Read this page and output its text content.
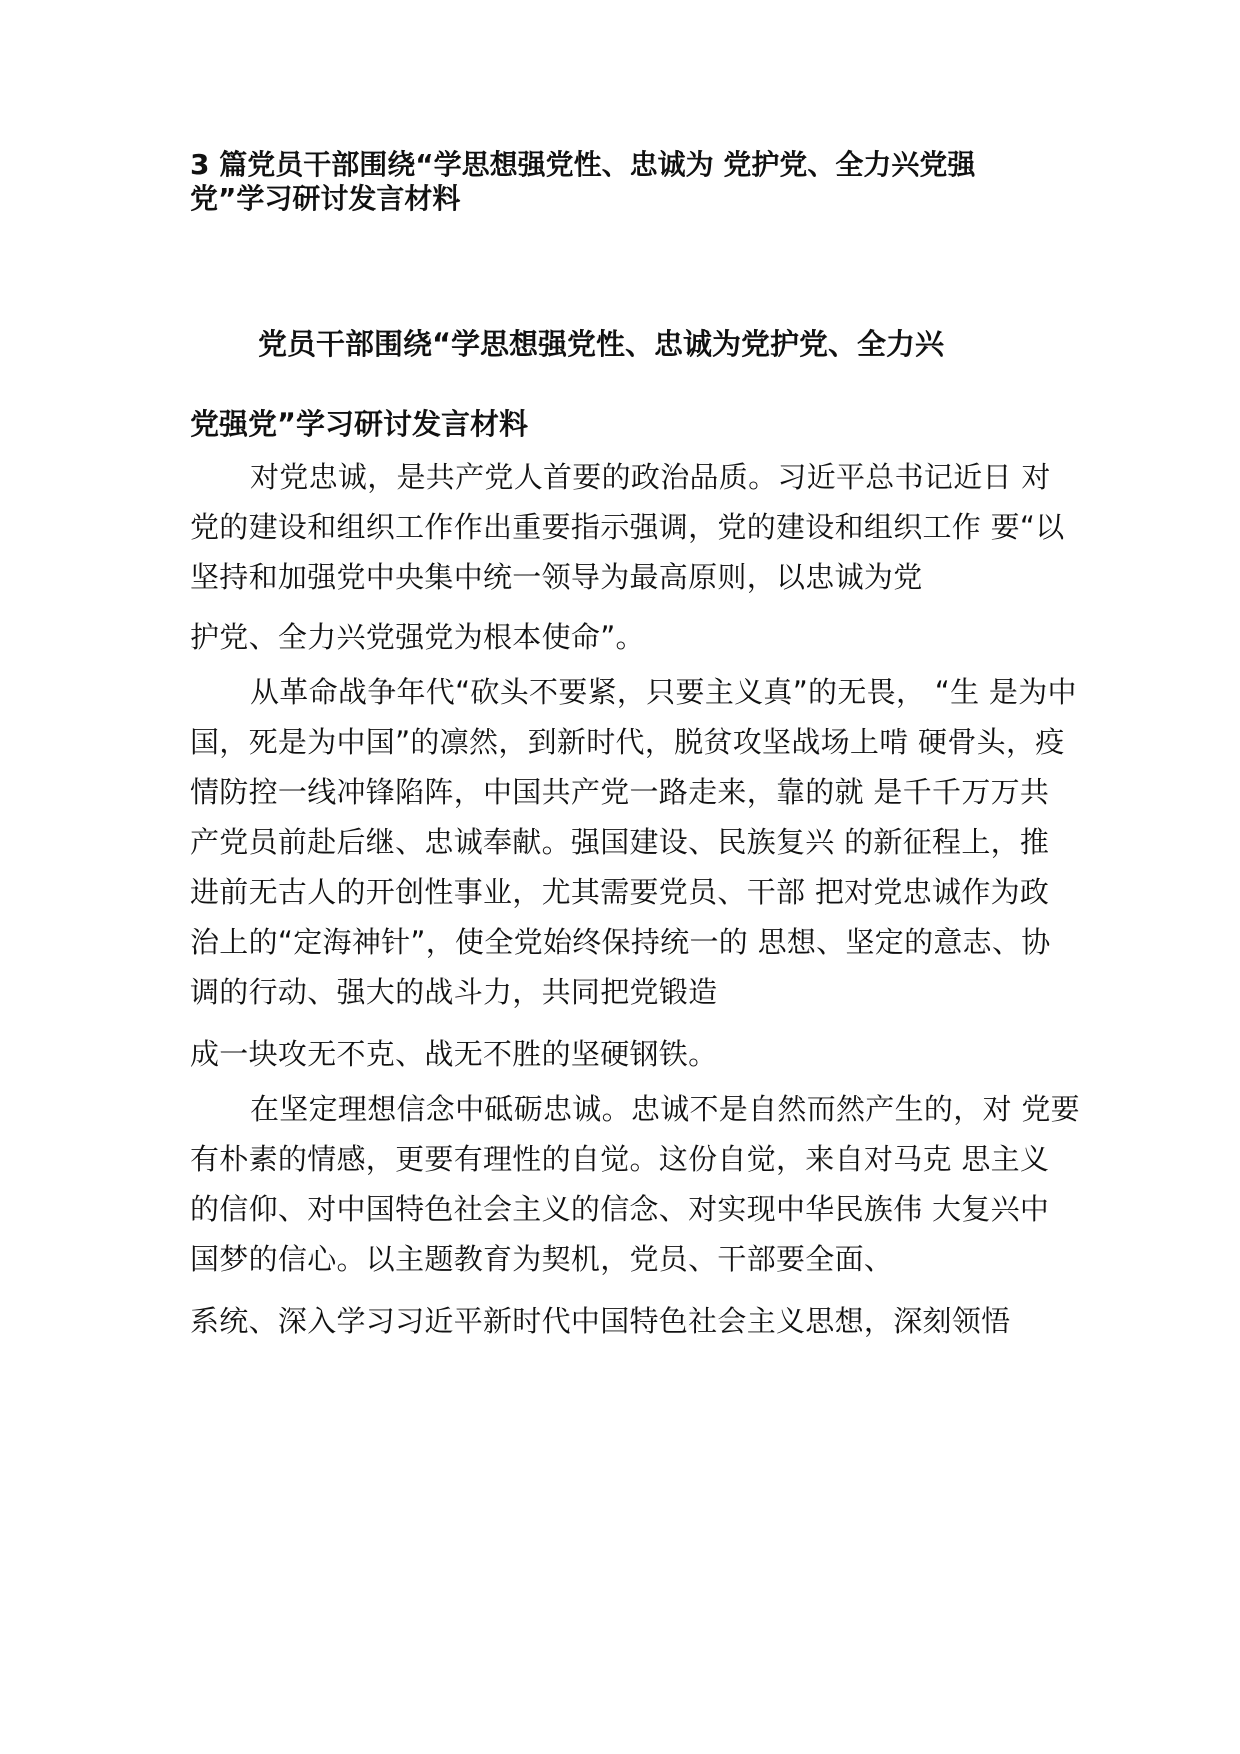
3 篇党员干部围绕“学思想强党性、忠诚为 党护党、全力兴党强

党”学习研讨发言材料

党员干部围绕“学思想强党性、忠诚为党护党、全力兴

党强党”学习研讨发言材料

对党忠诚，是共产党人首要的政治品质。习近平总书记近日 对

党的建设和组织工作作出重要指示强调，党的建设和组织工作 要“以

坚持和加强党中央集中统一领导为最高原则，以忠诚为党

护党、全力兴党强党为根本使命”。

从革命战争年代“砍头不要紧，只要主义真”的无畏， “生 是为中

国，死是为中国”的凛然，到新时代，脱贫攻坚战场上啃 硬骨头，疫

情防控一线冲锋陷阵，中国共产党一路走来，靠的就 是千千万万共

产党员前赴后继、忠诚奉献。强国建设、民族复兴 的新征程上，推

进前无古人的开创性事业，尤其需要党员、干部 把对党忠诚作为政

治上的“定海神针”，使全党始终保持统一的 思想、坚定的意志、协

调的行动、强大的战斗力，共同把党锻造

成一块攻无不克、战无不胜的坚硬钢铁。

在坚定理想信念中砥砺忠诚。忠诚不是自然而然产生的，对 党要

有朴素的情感，更要有理性的自觉。这份自觉，来自对马克 思主义

的信仰、对中国特色社会主义的信念、对实现中华民族伟 大复兴中

国梦的信心。以主题教育为契机，党员、干部要全面、

系统、深入学习习近平新时代中国特色社会主义思想，深刻领悟
